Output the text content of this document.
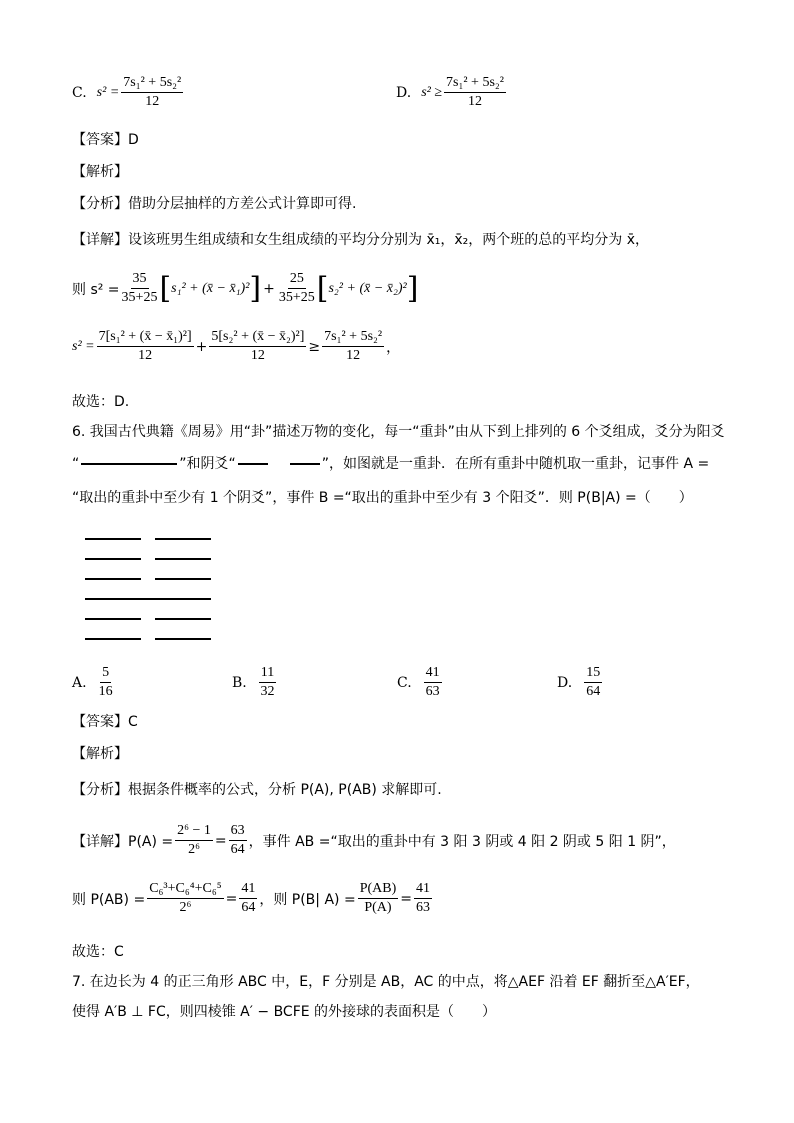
C. $s^2 = \frac{\text{7s₁² + 5s₂²}}{12}$	D. $s^2 \ge \frac{\text{7s₁² + 5s₂²}}{12}$
【答案】D
【解析】
【分析】借助分层抽样的方差公式计算即可得.
【详解】设该班男生组成绩和女生组成绩的平均分分别为 x̄₁，x̄₂，两个班的总的平均分为 x̄，
则 $s^2 = \frac{35}{35+25}$ [ s₁² + (x̄ − x̄₁)² ] + $\frac{25}{35+25}$ [ s₂² + (x̄ − x̄₂)² ]
$s^2 = \frac{\text{7[s₁² + (x̄ − x̄₁)²]}}{12} + \frac{\text{5[s₂² + (x̄ − x̄₂)²]}}{12} \ge \frac{\text{7s₁² + 5s₂²}}{12}$ ，
故选：D.
6. 我国古代典籍《周易》用“卦”描述万物的变化，每一“重卦”由从下到上排列的 6 个爻组成，爻分为阳爻
“	”和阴爻“	”，如图就是一重卦．在所有重卦中随机取一重卦，记事件 A =
“取出的重卦中至少有 1 个阴爻”，事件 B =“取出的重卦中至少有 3 个阳爻”．则 P(B|A) =（　　）
A. $\frac{5}{16}$	B. $\frac{11}{32}$	C. $\frac{41}{63}$	D. $\frac{15}{64}$
【答案】C
【解析】
【分析】根据条件概率的公式，分析 P(A), P(AB) 求解即可.
【详解】$P(A) = \frac{\text{2⁶ − 1}}{\text{2⁶}} = \frac{63}{64}$ ，事件 AB =“取出的重卦中有 3 阳 3 阴或 4 阳 2 阴或 5 阳 1 阴”，
则 $P(AB) = \frac{\text{C₆³+C₆⁴+C₆⁵}}{\text{2⁶}} = \frac{41}{64}$ ，则 P(B| $A) = \frac{P(AB)}{P(A)} = \frac{41}{63}$
故选：C
7. 在边长为 4 的正三角形 ABC 中，E，F 分别是 AB，AC 的中点，将△AEF 沿着 EF 翻折至△A′EF，
使得 A′B ⊥ FC，则四棱锥 A′ − BCFE 的外接球的表面积是（　　）
